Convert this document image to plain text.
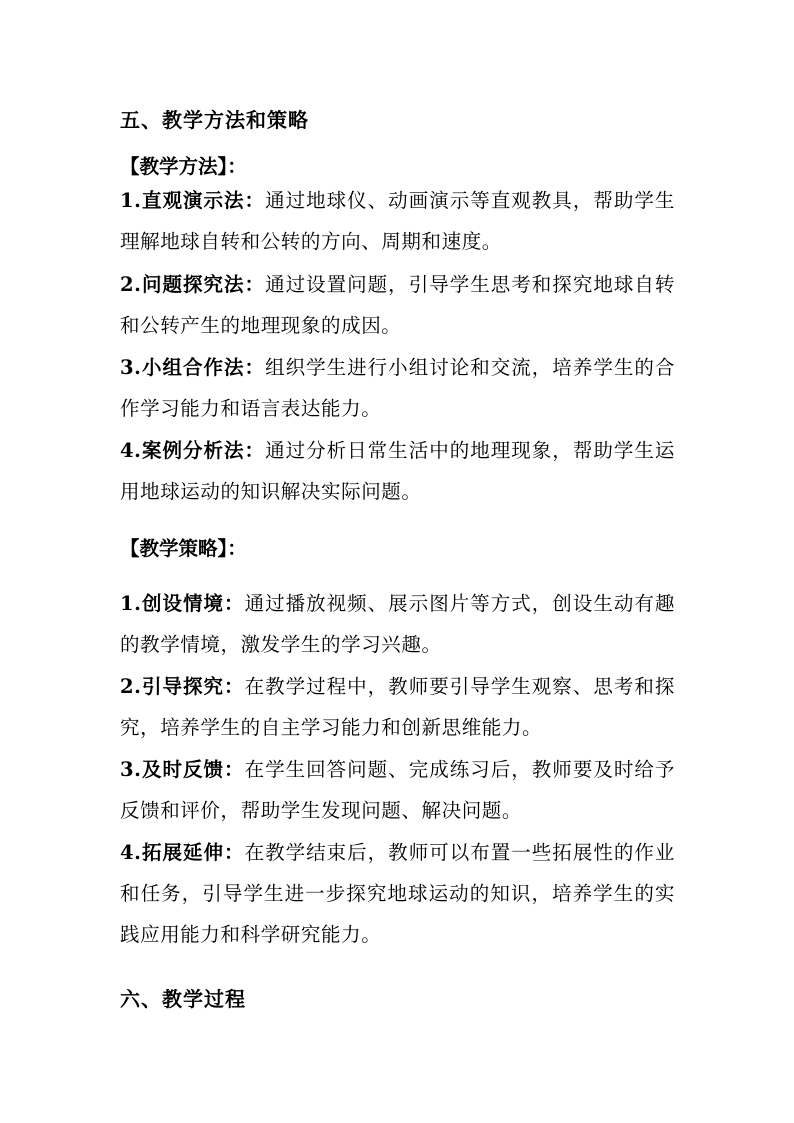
五、教学方法和策略
【教学方法】：
1.直观演示法：通过地球仪、动画演示等直观教具，帮助学生理解地球自转和公转的方向、周期和速度。
2.问题探究法：通过设置问题，引导学生思考和探究地球自转和公转产生的地理现象的成因。
3.小组合作法：组织学生进行小组讨论和交流，培养学生的合作学习能力和语言表达能力。
4.案例分析法：通过分析日常生活中的地理现象，帮助学生运用地球运动的知识解决实际问题。
【教学策略】：
1.创设情境：通过播放视频、展示图片等方式，创设生动有趣的教学情境，激发学生的学习兴趣。
2.引导探究：在教学过程中，教师要引导学生观察、思考和探究，培养学生的自主学习能力和创新思维能力。
3.及时反馈：在学生回答问题、完成练习后，教师要及时给予反馈和评价，帮助学生发现问题、解决问题。
4.拓展延伸：在教学结束后，教师可以布置一些拓展性的作业和任务，引导学生进一步探究地球运动的知识，培养学生的实践应用能力和科学研究能力。
六、教学过程
